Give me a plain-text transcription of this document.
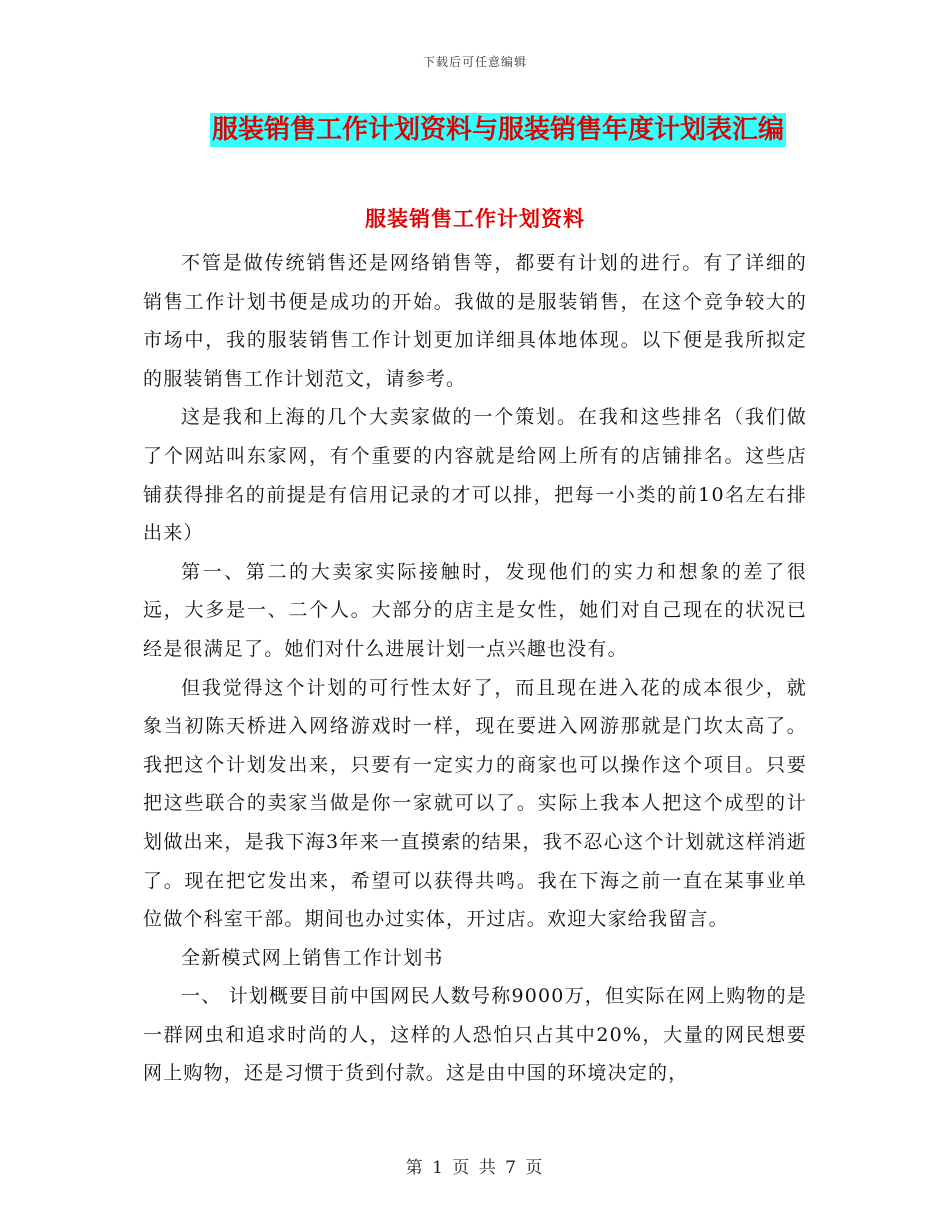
下载后可任意编辑
服装销售工作计划资料与服装销售年度计划表汇编
服装销售工作计划资料

不管是做传统销售还是网络销售等，都要有计划的进行。有了详细的销售工作计划书便是成功的开始。我做的是服装销售，在这个竞争较大的市场中，我的服装销售工作计划更加详细具体地体现。以下便是我所拟定的服装销售工作计划范文，请参考。

这是我和上海的几个大卖家做的一个策划。在我和这些排名（我们做了个网站叫东家网，有个重要的内容就是给网上所有的店铺排名。这些店铺获得排名的前提是有信用记录的才可以排，把每一小类的前10名左右排出来）

第一、第二的大卖家实际接触时，发现他们的实力和想象的差了很远，大多是一、二个人。大部分的店主是女性，她们对自己现在的状况已经是很满足了。她们对什么进展计划一点兴趣也没有。

但我觉得这个计划的可行性太好了，而且现在进入花的成本很少，就象当初陈天桥进入网络游戏时一样，现在要进入网游那就是门坎太高了。我把这个计划发出来，只要有一定实力的商家也可以操作这个项目。只要把这些联合的卖家当做是你一家就可以了。实际上我本人把这个成型的计划做出来，是我下海3年来一直摸索的结果，我不忍心这个计划就这样消逝了。现在把它发出来，希望可以获得共鸣。我在下海之前一直在某事业单位做个科室干部。期间也办过实体，开过店。欢迎大家给我留言。

全新模式网上销售工作计划书

一、 计划概要目前中国网民人数号称9000万，但实际在网上购物的是一群网虫和追求时尚的人，这样的人恐怕只占其中20%，大量的网民想要网上购物，还是习惯于货到付款。这是由中国的环境决定的，

第 1 页 共 7 页
